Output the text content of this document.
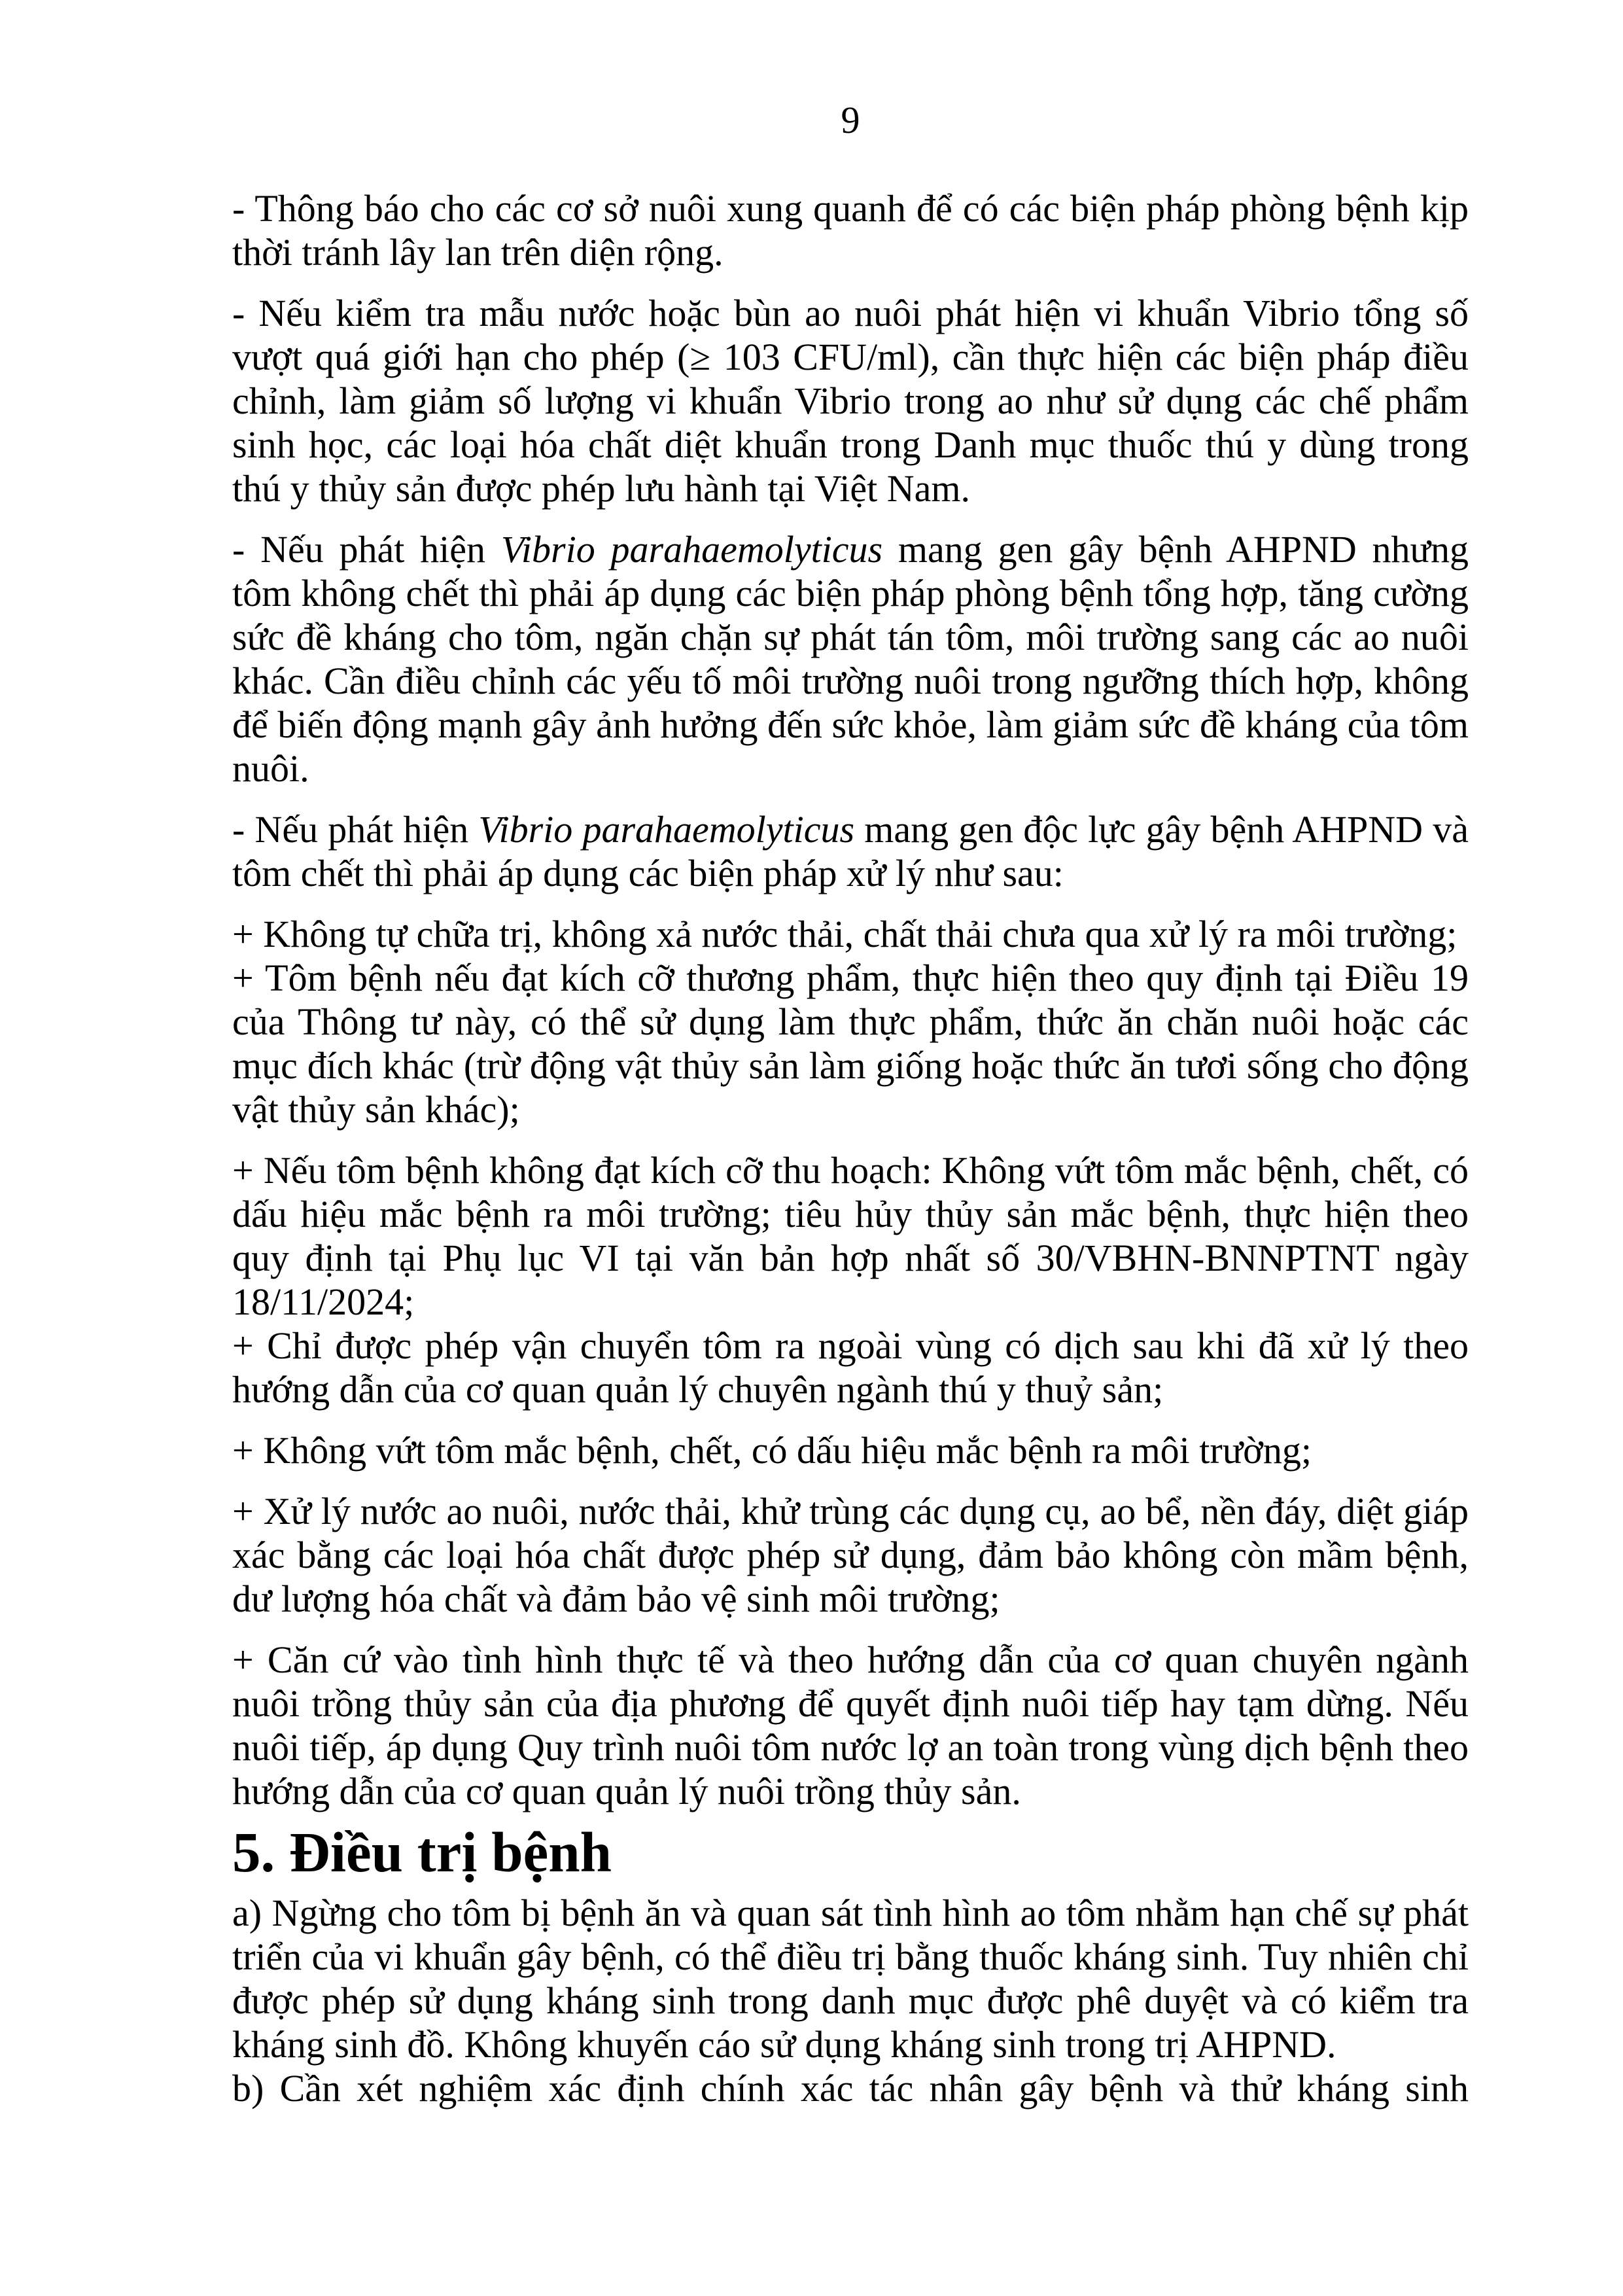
9

- Thông báo cho các cơ sở nuôi xung quanh để có các biện pháp phòng bệnh kịp thời tránh lây lan trên diện rộng.

- Nếu kiểm tra mẫu nước hoặc bùn ao nuôi phát hiện vi khuẩn Vibrio tổng số vượt quá giới hạn cho phép (≥ 103 CFU/ml), cần thực hiện các biện pháp điều chỉnh, làm giảm số lượng vi khuẩn Vibrio trong ao như sử dụng các chế phẩm sinh học, các loại hóa chất diệt khuẩn trong Danh mục thuốc thú y dùng trong thú y thủy sản được phép lưu hành tại Việt Nam.

- Nếu phát hiện Vibrio parahaemolyticus mang gen gây bệnh AHPND nhưng tôm không chết thì phải áp dụng các biện pháp phòng bệnh tổng hợp, tăng cường sức đề kháng cho tôm, ngăn chặn sự phát tán tôm, môi trường sang các ao nuôi khác. Cần điều chỉnh các yếu tố môi trường nuôi trong ngưỡng thích hợp, không để biến động mạnh gây ảnh hưởng đến sức khỏe, làm giảm sức đề kháng của tôm nuôi.

- Nếu phát hiện Vibrio parahaemolyticus mang gen độc lực gây bệnh AHPND và tôm chết thì phải áp dụng các biện pháp xử lý như sau:

+ Không tự chữa trị, không xả nước thải, chất thải chưa qua xử lý ra môi trường;

+ Tôm bệnh nếu đạt kích cỡ thương phẩm, thực hiện theo quy định tại Điều 19 của Thông tư này, có thể sử dụng làm thực phẩm, thức ăn chăn nuôi hoặc các mục đích khác (trừ động vật thủy sản làm giống hoặc thức ăn tươi sống cho động vật thủy sản khác);

+ Nếu tôm bệnh không đạt kích cỡ thu hoạch: Không vứt tôm mắc bệnh, chết, có dấu hiệu mắc bệnh ra môi trường; tiêu hủy thủy sản mắc bệnh, thực hiện theo quy định tại Phụ lục VI tại văn bản hợp nhất số 30/VBHN-BNNPTNT ngày 18/11/2024;

+ Chỉ được phép vận chuyển tôm ra ngoài vùng có dịch sau khi đã xử lý theo hướng dẫn của cơ quan quản lý chuyên ngành thú y thuỷ sản;

+ Không vứt tôm mắc bệnh, chết, có dấu hiệu mắc bệnh ra môi trường;

+ Xử lý nước ao nuôi, nước thải, khử trùng các dụng cụ, ao bể, nền đáy, diệt giáp xác bằng các loại hóa chất được phép sử dụng, đảm bảo không còn mầm bệnh, dư lượng hóa chất và đảm bảo vệ sinh môi trường;

+ Căn cứ vào tình hình thực tế và theo hướng dẫn của cơ quan chuyên ngành nuôi trồng thủy sản của địa phương để quyết định nuôi tiếp hay tạm dừng. Nếu nuôi tiếp, áp dụng Quy trình nuôi tôm nước lợ an toàn trong vùng dịch bệnh theo hướng dẫn của cơ quan quản lý nuôi trồng thủy sản.

5. Điều trị bệnh

a) Ngừng cho tôm bị bệnh ăn và quan sát tình hình ao tôm nhằm hạn chế sự phát triển của vi khuẩn gây bệnh, có thể điều trị bằng thuốc kháng sinh. Tuy nhiên chỉ được phép sử dụng kháng sinh trong danh mục được phê duyệt và có kiểm tra kháng sinh đồ. Không khuyến cáo sử dụng kháng sinh trong trị AHPND.

b) Cần xét nghiệm xác định chính xác tác nhân gây bệnh và thử kháng sinh
